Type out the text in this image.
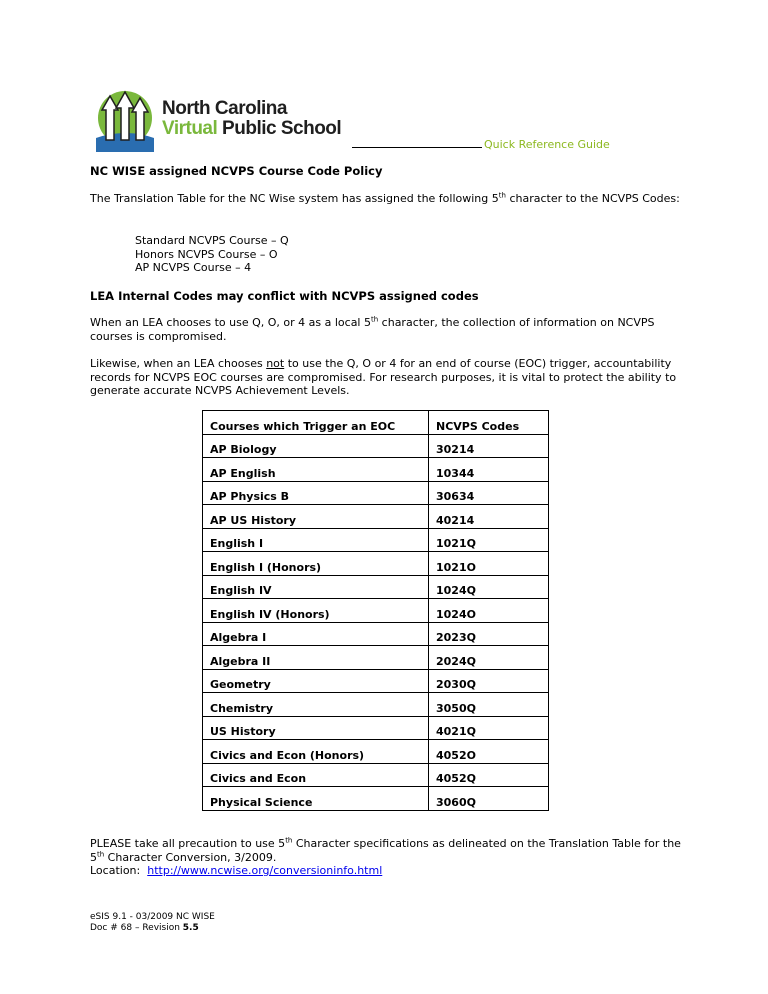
North Carolina
Virtual Public School
Quick Reference Guide
NC WISE assigned NCVPS Course Code Policy
The Translation Table for the NC Wise system has assigned the following 5th character to the NCVPS Codes:
Standard NCVPS Course – Q
Honors NCVPS Course – O
AP NCVPS Course – 4
LEA Internal Codes may conflict with NCVPS assigned codes
When an LEA chooses to use Q, O, or 4 as a local 5th character, the collection of information on NCVPS courses is compromised.
Likewise, when an LEA chooses not to use the Q, O or 4 for an end of course (EOC) trigger, accountability records for NCVPS EOC courses are compromised. For research purposes, it is vital to protect the ability to generate accurate NCVPS Achievement Levels.
Courses which Trigger an EOC	NCVPS Codes
AP Biology	30214
AP English	10344
AP Physics B	30634
AP US History	40214
English I	1021Q
English I (Honors)	1021O
English IV	1024Q
English IV (Honors)	1024O
Algebra I	2023Q
Algebra II	2024Q
Geometry	2030Q
Chemistry	3050Q
US History	4021Q
Civics and Econ (Honors)	4052O
Civics and Econ	4052Q
Physical Science	3060Q
PLEASE take all precaution to use 5th Character specifications as delineated on the Translation Table for the 5th Character Conversion, 3/2009.
Location: http://www.ncwise.org/conversioninfo.html
eSIS 9.1 - 03/2009 NC WISE
Doc # 68 – Revision 5.5
